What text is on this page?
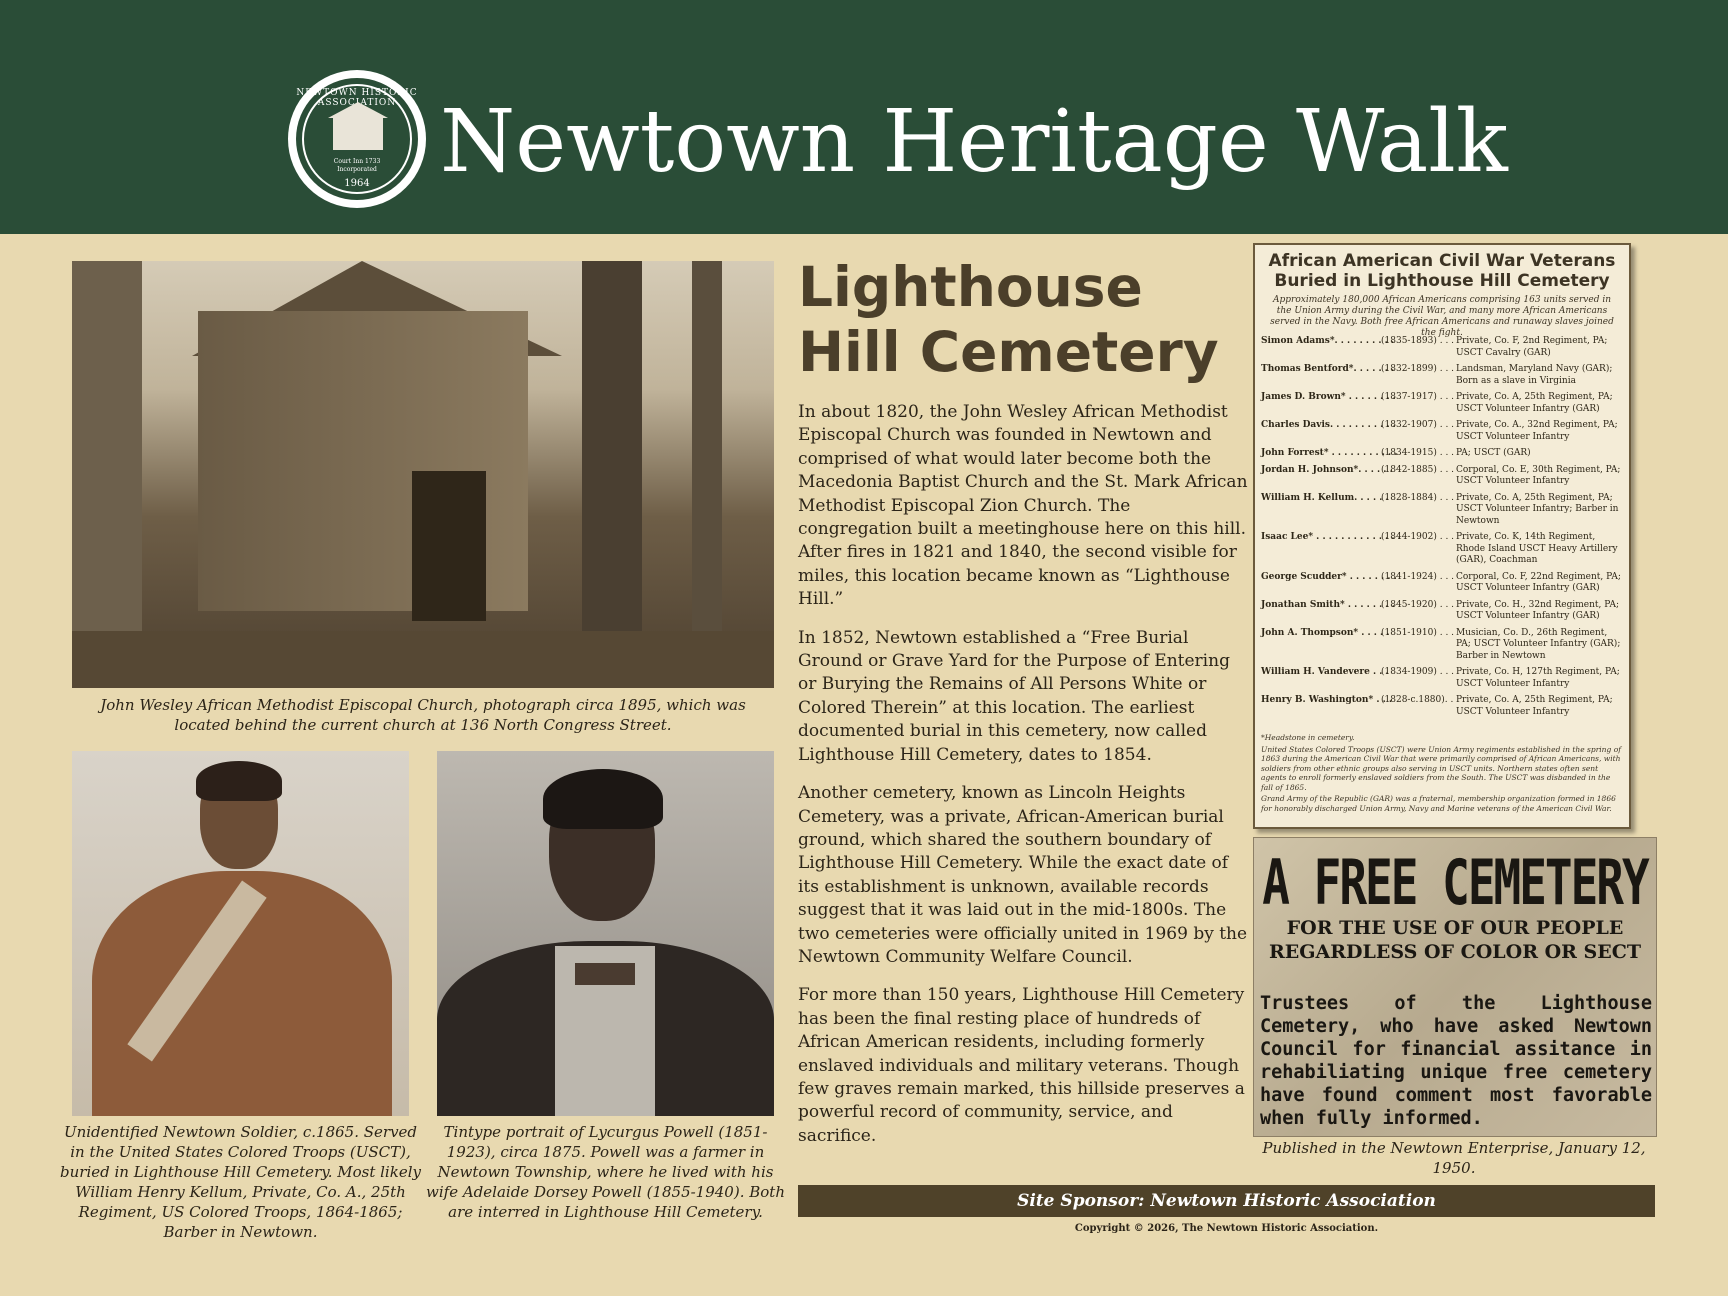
NEWTOWN HISTORIC ASSOCIATION
Court Inn 1733
Incorporated
1964 Newtown Heritage Walk
John Wesley African Methodist Episcopal Church, photograph circa 1895, which was located behind the current church at 136 North Congress Street.
Unidentified Newtown Soldier, c.1865. Served in the United States Colored Troops (USCT), buried in Lighthouse Hill Cemetery. Most likely William Henry Kellum, Private, Co. A., 25th Regiment, US Colored Troops, 1864-1865; Barber in Newtown.
Tintype portrait of Lycurgus Powell (1851-1923), circa 1875. Powell was a farmer in Newtown Township, where he lived with his wife Adelaide Dorsey Powell (1855-1940). Both are interred in Lighthouse Hill Cemetery.
Lighthouse
Hill Cemetery

In about 1820, the John Wesley African Methodist Episcopal Church was founded in Newtown and comprised of what would later become both the Macedonia Baptist Church and the St. Mark African Methodist Episcopal Zion Church. The congregation built a meetinghouse here on this hill. After fires in 1821 and 1840, the second visible for miles, this location became known as “Lighthouse Hill.”

In 1852, Newtown established a “Free Burial Ground or Grave Yard for the Purpose of Entering or Burying the Remains of All Persons White or Colored Therein” at this location. The earliest documented burial in this cemetery, now called Lighthouse Hill Cemetery, dates to 1854.

Another cemetery, known as Lincoln Heights Cemetery, was a private, African-American burial ground, which shared the southern boundary of Lighthouse Hill Cemetery. While the exact date of its establishment is unknown, available records suggest that it was laid out in the mid-1800s. The two cemeteries were officially united in 1969 by the Newtown Community Welfare Council.

For more than 150 years, Lighthouse Hill Cemetery has been the final resting place of hundreds of African American residents, including formerly enslaved individuals and military veterans. Though few graves remain marked, this hillside preserves a powerful record of community, service, and sacrifice.

African American Civil War Veterans
Buried in Lighthouse Hill Cemetery
Approximately 180,000 African Americans comprising 163 units served in the Union Army during the Civil War, and many more African Americans served in the Navy. Both free African Americans and runaway slaves joined the fight.
Simon Adams*. . . . . . . . . .
(1835-1893) . . . Private, Co. F, 2nd Regiment, PA; USCT Cavalry (GAR)
Thomas Bentford*. . . . . . .
(1832-1899) . . . Landsman, Maryland Navy (GAR); Born as a slave in Virginia
James D. Brown* . . . . . . . .
(1837-1917) . . . Private, Co. A, 25th Regiment, PA; USCT Volunteer Infantry (GAR)
Charles Davis. . . . . . . . . . .
(1832-1907) . . . Private, Co. A., 32nd Regiment, PA; USCT Volunteer Infantry
John Forrest* . . . . . . . . . . .
(1834-1915) . . . PA; USCT (GAR)
Jordan H. Johnson*. . . . . .
(1842-1885) . . . Corporal, Co. E, 30th Regiment, PA; USCT Volunteer Infantry
William H. Kellum. . . . . .
(1828-1884) . . . Private, Co. A, 25th Regiment, PA; USCT Volunteer Infantry; Barber in Newtown
Isaac Lee* . . . . . . . . . . . . . .
(1844-1902) . . . Private, Co. K, 14th Regiment, Rhode Island USCT Heavy Artillery (GAR), Coachman
George Scudder* . . . . . . . .
(1841-1924) . . . Corporal, Co. F, 22nd Regiment, PA; USCT Volunteer Infantry (GAR)
Jonathan Smith* . . . . . . . .
(1845-1920) . . . Private, Co. H., 32nd Regiment, PA; USCT Volunteer Infantry (GAR)
John A. Thompson* . . . . .
(1851-1910) . . . Musician, Co. D., 26th Regiment, PA; USCT Volunteer Infantry (GAR); Barber in Newtown
William H. Vandevere . . .
(1834-1909) . . . Private, Co. H, 127th Regiment, PA; USCT Volunteer Infantry
Henry B. Washington* . . .
(1828-c.1880). . Private, Co. A, 25th Regiment, PA; USCT Volunteer Infantry
*Headstone in cemetery.
United States Colored Troops (USCT) were Union Army regiments established in the spring of 1863 during the American Civil War that were primarily comprised of African Americans, with soldiers from other ethnic groups also serving in USCT units. Northern states often sent agents to enroll formerly enslaved soldiers from the South. The USCT was disbanded in the fall of 1865.
Grand Army of the Republic (GAR) was a fraternal, membership organization formed in 1866 for honorably discharged Union Army, Navy and Marine veterans of the American Civil War.
A FREE CEMETERY
FOR THE USE OF OUR PEOPLE REGARDLESS OF COLOR OR SECT
Trustees of the Lighthouse Cemetery, who have asked Newtown Council for financial assitance in rehabiliating unique free cemetery have found comment most favorable when fully informed.
Published in the Newtown Enterprise, January 12, 1950.
Site Sponsor: Newtown Historic Association
Copyright © 2026, The Newtown Historic Association.
